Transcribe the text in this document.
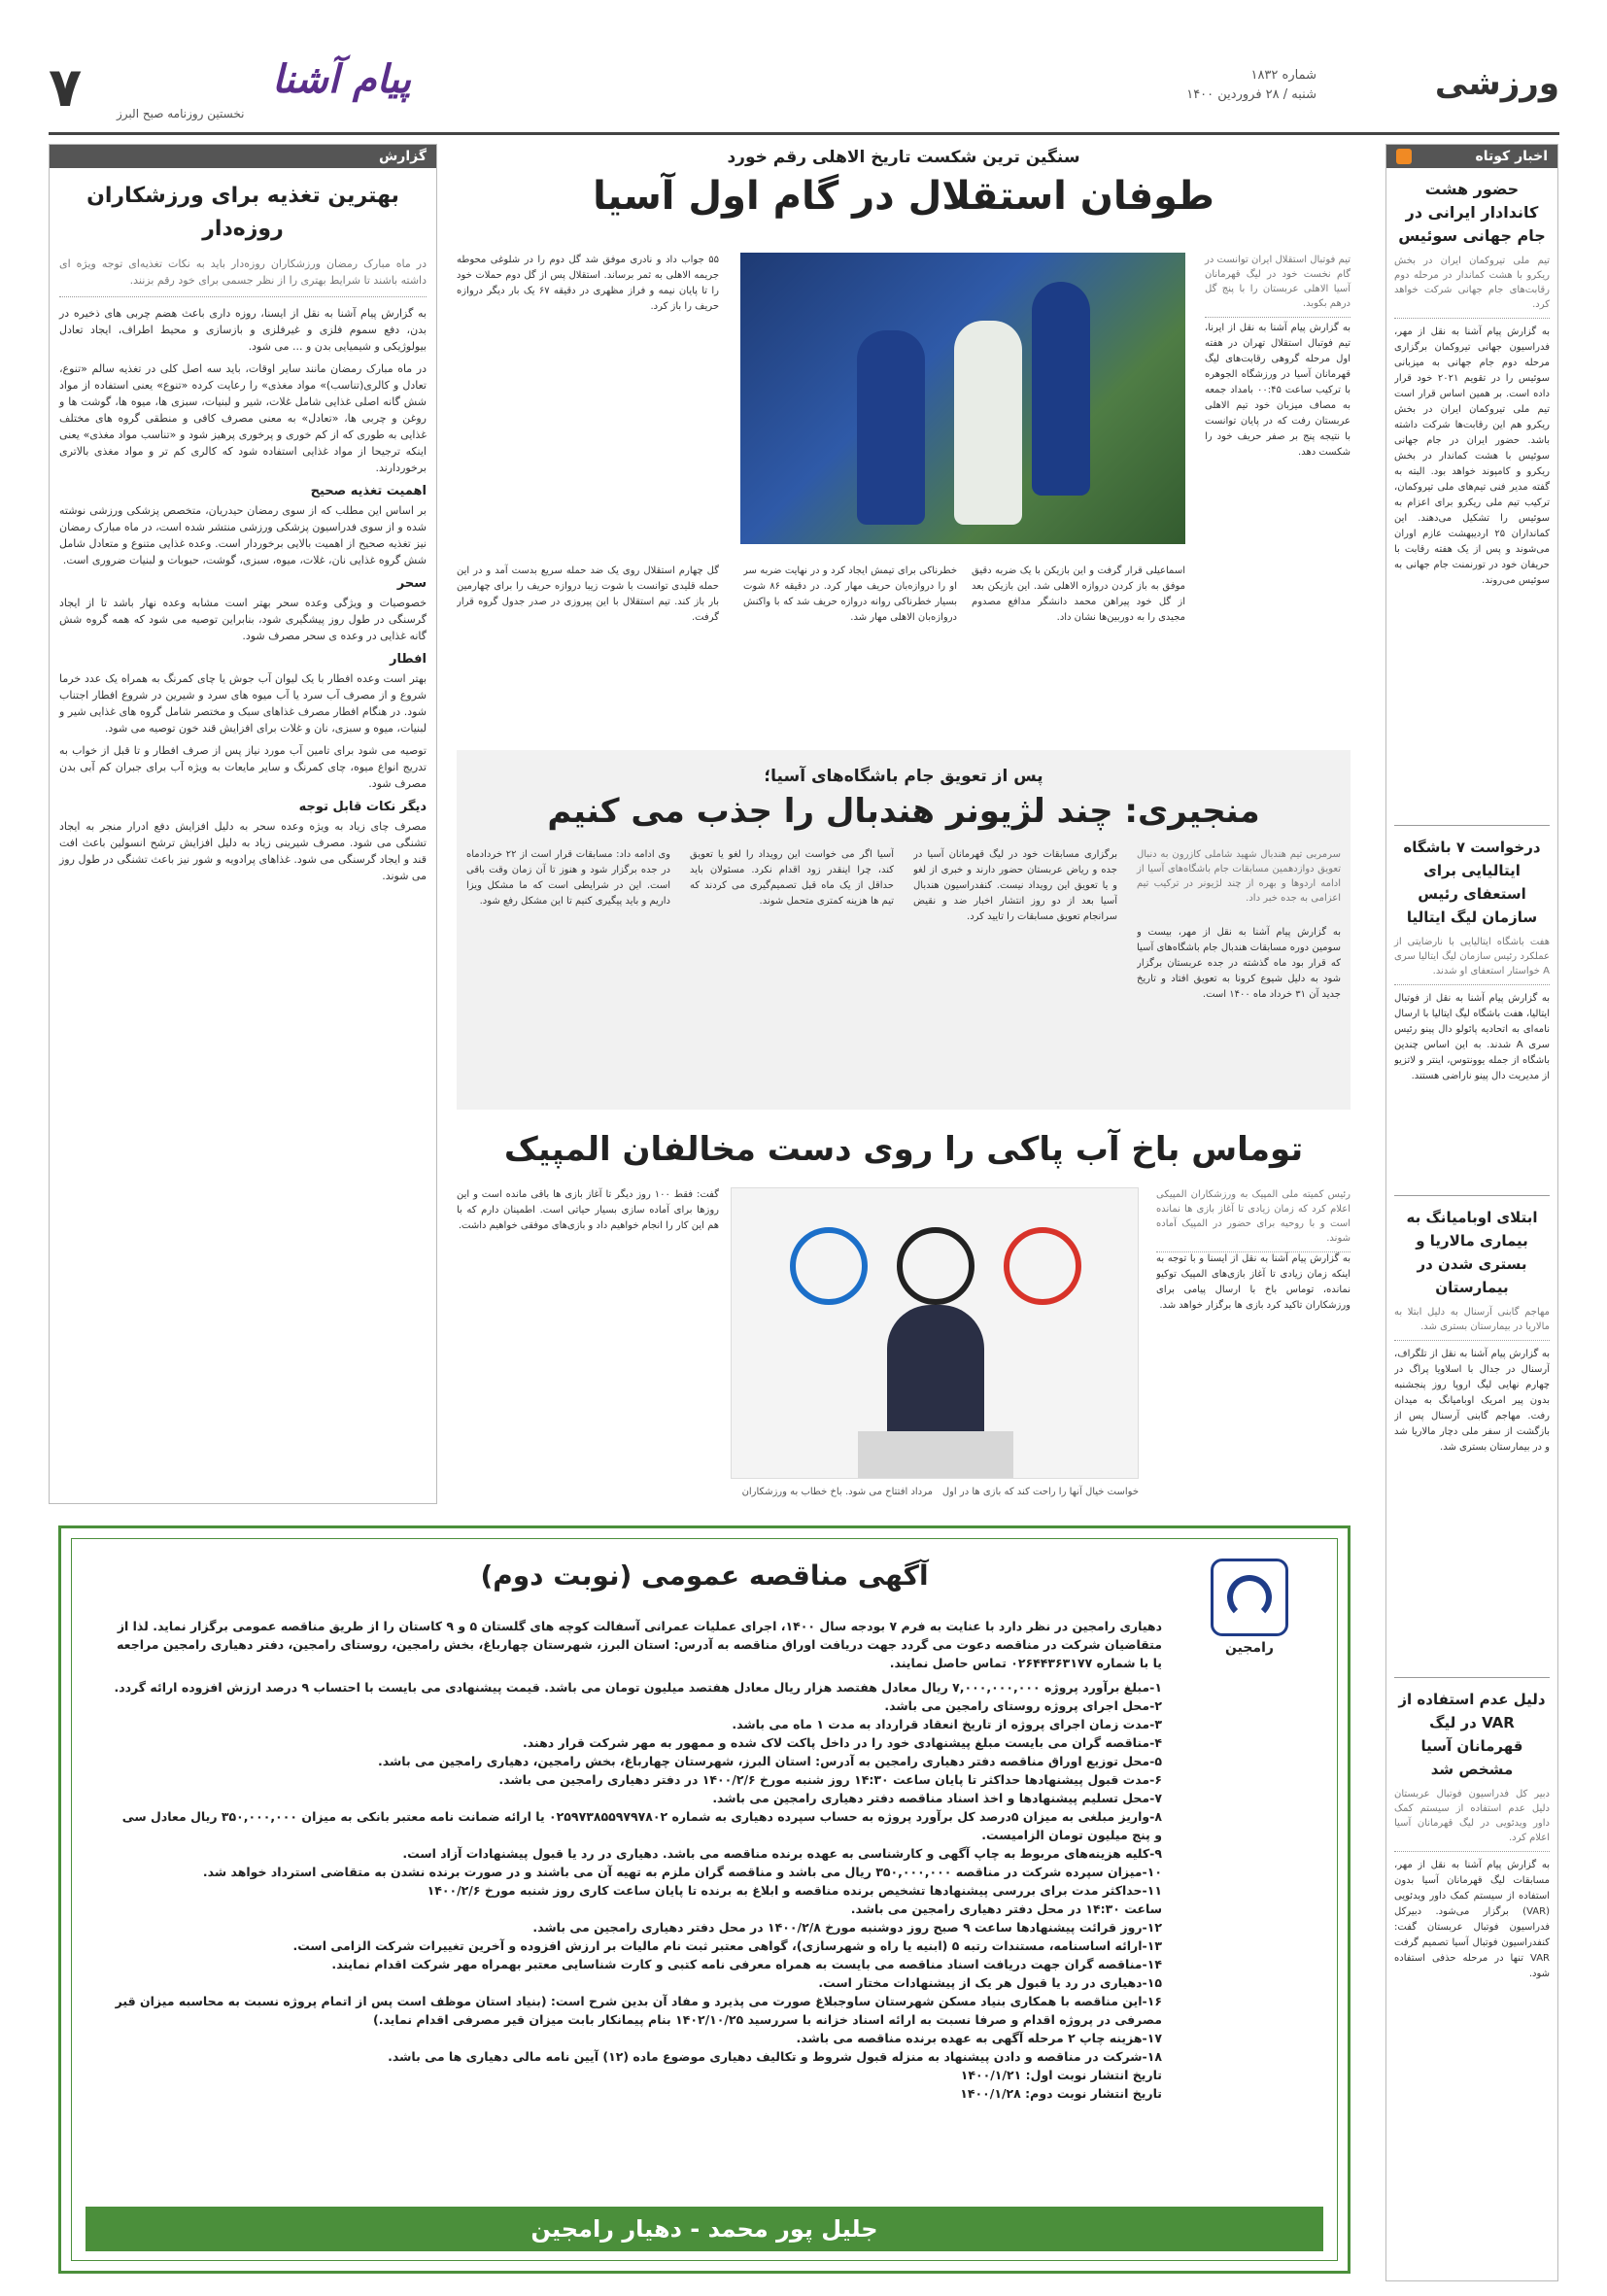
ورزشی
شماره ۱۸۳۲
شنبه / ۲۸ فروردین ۱۴۰۰
پیام آشنا
نخستین روزنامه صبح البرز
۷
اخبار کوتاه
حضور هشت کاندادار ایرانی در جام جهانی سوئیس
تیم ملی تیروکمان ایران در بخش ریکرو با هشت کماندار در مرحله دوم رقابت‌های جام جهانی شرکت خواهد کرد.
به گزارش پیام آشنا به نقل از مهر، فدراسیون جهانی تیروکمان برگزاری مرحله دوم جام جهانی به میزبانی سوئیس را در تقویم ۲۰۲۱ خود قرار داده است. بر همین اساس قرار است تیم ملی تیروکمان ایران در بخش ریکرو هم این رقابت‌ها شرکت داشته باشد. حضور ایران در جام جهانی سوئیس با هشت کماندار در بخش ریکرو و کامپوند خواهد بود. البته به گفته مدیر فنی تیم‌های ملی تیروکمان، ترکیب تیم ملی ریکرو برای اعزام به سوئیس را تشکیل می‌دهند. این کمانداران ۲۵ اردیبهشت عازم اوران می‌شوند و پس از یک هفته رقابت با حریفان خود در تورنمنت جام جهانی به سوئیس می‌روند.
درخواست ۷ باشگاه ایتالیایی برای استعفای رئیس سازمان لیگ ایتالیا
هفت باشگاه ایتالیایی با نارضایتی از عملکرد رئیس سازمان لیگ ایتالیا سری A خواستار استعفای او شدند.
به گزارش پیام آشنا به نقل از فوتبال ایتالیا، هفت باشگاه لیگ ایتالیا با ارسال نامه‌ای به اتحادیه پائولو دال پینو رئیس سری A شدند. به این اساس چندین باشگاه از جمله یوونتوس، اینتر و لاتزیو از مدیریت دال پینو ناراضی هستند.
ابتلای اوبامیانگ به بیماری مالاریا و بستری شدن در بیمارستان
مهاجم گابنی آرسنال به دلیل ابتلا به مالاریا در بیمارستان بستری شد.
به گزارش پیام آشنا به نقل از تلگراف، آرسنال در جدال با اسلاویا پراگ در چهارم نهایی لیگ اروپا روز پنجشنبه بدون پیر امریک اوبامیانگ به میدان رفت. مهاجم گابنی آرسنال پس از بازگشت از سفر ملی دچار مالاریا شد و در بیمارستان بستری شد.
دلیل عدم استفاده از VAR در لیگ قهرمانان آسیا مشخص شد
دبیر کل فدراسیون فوتبال عربستان دلیل عدم استفاده از سیستم کمک داور ویدئویی در لیگ قهرمانان آسیا اعلام کرد.
به گزارش پیام آشنا به نقل از مهر، مسابقات لیگ قهرمانان آسیا بدون استفاده از سیستم کمک داور ویدئویی (VAR) برگزار می‌شود. دبیرکل فدراسیون فوتبال عربستان گفت: کنفدراسیون فوتبال آسیا تصمیم گرفت VAR تنها در مرحله حذفی استفاده شود.
سنگین ترین شکست تاریخ الاهلی رقم خورد
طوفان استقلال در گام اول آسیا
تیم فوتبال استقلال ایران توانست در گام نخست خود در لیگ قهرمانان آسیا الاهلی عربستان را با پنج گل درهم بکوبد.
به گزارش پیام آشنا به نقل از ایرنا، تیم فوتبال استقلال تهران در هفته اول مرحله گروهی رقابت‌های لیگ قهرمانان آسیا در ورزشگاه الجوهره با ترکیب ساعت ۰۰:۴۵ بامداد جمعه به مصاف میزبان خود تیم الاهلی عربستان رفت که در پایان توانست با نتیجه پنج بر صفر حریف خود را شکست دهد.
۵۵ جواب داد و نادری موفق شد گل دوم را در شلوغی محوطه جریمه الاهلی به ثمر برساند. استقلال پس از گل دوم حملات خود را تا پایان نیمه و فراز مظهری در دقیقه ۶۷ یک بار دیگر دروازه حریف را باز کرد.
اسماعیلی قرار گرفت و این بازیکن با یک ضربه دقیق موفق به باز کردن دروازه الاهلی شد. این بازیکن بعد از گل خود پیراهن محمد دانشگر مدافع مصدوم مجیدی را به دوربین‌ها نشان داد.
خطرناکی برای تیمش ایجاد کرد و در نهایت ضربه سر او را دروازه‌بان حریف مهار کرد. در دقیقه ۸۶ شوت بسیار خطرناکی روانه دروازه حریف شد که با واکنش دروازه‌بان الاهلی مهار شد.
گل چهارم استقلال روی یک ضد حمله سریع بدست آمد و در این حمله قلیدی توانست با شوت زیبا دروازه حریف را برای چهارمین بار باز کند. تیم استقلال با این پیروزی در صدر جدول گروه قرار گرفت.
پس از تعویق جام باشگاه‌های آسیا؛
منجیری: چند لژیونر هندبال را جذب می کنیم
سرمربی تیم هندبال شهید شاملی کازرون به دنبال تعویق دوازدهمین مسابقات جام باشگاه‌های آسیا از ادامه اردوها و بهره از چند لژیونر در ترکیب تیم اعزامی به جده خبر داد.
به گزارش پیام آشنا به نقل از مهر، بیست و سومین دوره مسابقات هندبال جام باشگاه‌های آسیا که قرار بود ماه گذشته در جده عربستان برگزار شود به دلیل شیوع کرونا به تعویق افتاد و تاریخ جدید آن ۳۱ خرداد ماه ۱۴۰۰ است.
برگزاری مسابقات خود در لیگ قهرمانان آسیا در جده و ریاض عربستان حضور دارند و خبری از لغو و یا تعویق این رویداد نیست. کنفدراسیون هندبال آسیا بعد از دو روز انتشار اخبار ضد و نقیض سرانجام تعویق مسابقات را تایید کرد.
آسیا اگر می خواست این رویداد را لغو یا تعویق کند، چرا اینقدر زود اقدام نکرد. مسئولان باید حداقل از یک ماه قبل تصمیم‌گیری می کردند که تیم ها هزینه کمتری متحمل شوند.
وی ادامه داد: مسابقات قرار است از ۲۲ خردادماه در جده برگزار شود و هنوز تا آن زمان وقت باقی است. این در شرایطی است که ما مشکل ویزا داریم و باید پیگیری کنیم تا این مشکل رفع شود.
توماس باخ آب پاکی را روی دست مخالفان المپیک
رئیس کمیته ملی المپیک به ورزشکاران المپیکی اعلام کرد که زمان زیادی تا آغاز بازی ها نمانده است و با روحیه برای حضور در المپیک آماده شوند.
به گزارش پیام آشنا به نقل از ایسنا و با توجه به اینکه زمان زیادی تا آغاز بازی‌های المپیک توکیو نمانده، توماس باخ با ارسال پیامی برای ورزشکاران تاکید کرد بازی ها برگزار خواهد شد.
مرداد افتتاح می شود. باخ خطاب به ورزشکاران خواست خیال آنها را راحت کند که بازی ها در اول
گفت: فقط ۱۰۰ روز دیگر تا آغاز بازی ها باقی مانده است و این روزها برای آماده سازی بسیار حیاتی است. اطمینان دارم که با هم این کار را انجام خواهیم داد و بازی‌های موفقی خواهیم داشت.
گزارش
بهترین تغذیه برای ورزشکاران روزه‌دار
در ماه مبارک رمضان ورزشکاران روزه‌دار باید به نکات تغذیه‌ای توجه ویژه ای داشته باشند تا شرایط بهتری را از نظر جسمی برای خود رقم بزنند.
به گزارش پیام آشنا به نقل از ایسنا، روزه داری باعث هضم چربی های ذخیره در بدن، دفع سموم فلزی و غیرفلزی و بازسازی و محیط اطراف، ایجاد تعادل بیولوژیکی و شیمیایی بدن و ... می شود.
در ماه مبارک رمضان مانند سایر اوقات، باید سه اصل کلی در تغذیه سالم «تنوع، تعادل و کالری(تناسب)» مواد مغذی» را رعایت کرده «تنوع» یعنی استفاده از مواد شش گانه اصلی غذایی شامل غلات، شیر و لبنیات، سبزی ها، میوه ها، گوشت ها و روغن و چربی ها، «تعادل» به معنی مصرف کافی و منطقی گروه های مختلف غذایی به طوری که از کم خوری و پرخوری پرهیز شود و «تناسب مواد مغذی» یعنی اینکه ترجیحا از مواد غذایی استفاده شود که کالری کم تر و مواد مغذی بالاتری برخوردارند.
اهمیت تغذیه صحیح
بر اساس این مطلب که از سوی رمضان حیدریان، متخصص پزشکی ورزشی نوشته شده و از سوی فدراسیون پزشکی ورزشی منتشر شده است، در ماه مبارک رمضان نیز تغذیه صحیح از اهمیت بالایی برخوردار است. وعده غذایی متنوع و متعادل شامل شش گروه غذایی نان، غلات، میوه، سبزی، گوشت، حبوبات و لبنیات ضروری است.
سحر
خصوصیات و ویژگی وعده سحر بهتر است مشابه وعده نهار باشد تا از ایجاد گرسنگی در طول روز پیشگیری شود، بنابراین توصیه می شود که همه گروه شش گانه غذایی در وعده ی سحر مصرف شود.
افطار
بهتر است وعده افطار با یک لیوان آب جوش یا چای کمرنگ به همراه یک عدد خرما شروع و از مصرف آب سرد یا آب میوه های سرد و شیرین در شروع افطار اجتناب شود. در هنگام افطار مصرف غذاهای سبک و مختصر شامل گروه های غذایی شیر و لبنیات، میوه و سبزی، نان و غلات برای افزایش قند خون توصیه می شود.
توصیه می شود برای تامین آب مورد نیاز پس از صرف افطار و تا قبل از خواب به تدریج انواع میوه، چای کمرنگ و سایر مایعات به ویژه آب برای جبران کم آبی بدن مصرف شود.
دیگر نکات قابل توجه
مصرف چای زیاد به ویژه وعده سحر به دلیل افزایش دفع ادرار منجر به ایجاد تشنگی می شود. مصرف شیرینی زیاد به دلیل افزایش ترشح انسولین باعث افت قند و ایجاد گرسنگی می شود. غذاهای پرادویه و شور نیز باعث تشنگی در طول روز می شوند.
رامجین
آگهی مناقصه عمومی (نوبت دوم)
دهیاری رامجین در نظر دارد با عنایت به فرم ۷ بودجه سال ۱۴۰۰، اجرای عملیات عمرانی آسفالت کوچه های گلستان ۵ و ۹ کاستان را از طریق مناقصه عمومی برگزار نماید. لذا از متقاضیان شرکت در مناقصه دعوت می گردد جهت دریافت اوراق مناقصه به آدرس: استان البرز، شهرستان چهارباغ، بخش رامجین، روستای رامجین، دفتر دهیاری رامجین مراجعه یا با شماره ۰۲۶۴۴۳۶۳۱۷۷ تماس حاصل نمایند.
۱-مبلغ برآورد پروژه ۷,۰۰۰,۰۰۰,۰۰۰ ریال معادل هفتصد هزار ریال معادل هفتصد میلیون تومان می باشد. قیمت پیشنهادی می بایست با احتساب ۹ درصد ارزش افزوده ارائه گردد.
۲-محل اجرای پروژه روستای رامجین می باشد.
۳-مدت زمان اجرای پروژه از تاریخ انعقاد قرارداد به مدت ۱ ماه می باشد.
۴-مناقصه گران می بایست مبلغ پیشنهادی خود را در داخل پاکت لاک شده و ممهور به مهر شرکت قرار دهند.
۵-محل توزیع اوراق مناقصه دفتر دهیاری رامجین به آدرس: استان البرز، شهرستان چهارباغ، بخش رامجین، دهیاری رامجین می باشد.
۶-مدت قبول پیشنهادها حداکثر تا پایان ساعت ۱۴:۳۰ روز شنبه مورخ ۱۴۰۰/۲/۶ در دفتر دهیاری رامجین می باشد.
۷-محل تسلیم پیشنهادها و اخذ اسناد مناقصه دفتر دهیاری رامجین می باشد.
۸-واریز مبلغی به میزان ۵درصد کل برآورد پروژه به حساب سپرده دهیاری به شماره ۰۲۵۹۷۳۸۵۵۹۷۹۷۸۰۲ یا ارائه ضمانت نامه معتبر بانکی به میزان ۳۵۰,۰۰۰,۰۰۰ ریال معادل سی و پنج میلیون تومان الزامیست.
۹-کلیه هزینه‌های مربوط به چاپ آگهی و کارشناسی به عهده برنده مناقصه می باشد. دهیاری در رد یا قبول پیشنهادات آزاد است.
۱۰-میزان سپرده شرکت در مناقصه ۳۵۰,۰۰۰,۰۰۰ ریال می باشد و مناقصه گران ملزم به تهیه آن می باشند و در صورت برنده نشدن به متقاضی استرداد خواهد شد.
۱۱-حداکثر مدت برای بررسی پیشنهادها تشخیص برنده مناقصه و ابلاغ به برنده تا پایان ساعت کاری روز شنبه مورخ ۱۴۰۰/۲/۶
ساعت ۱۴:۳۰ در محل دفتر دهیاری رامجین می باشد.
۱۲-روز قرائت پیشنهادها ساعت ۹ صبح روز دوشنبه مورخ ۱۴۰۰/۲/۸ در محل دفتر دهیاری رامجین می باشد.
۱۳-ارائه اساسنامه، مستندات رتبه ۵ (ابنیه یا راه و شهرسازی)، گواهی معتبر ثبت نام مالیات بر ارزش افزوده و آخرین تغییرات شرکت الزامی است.
۱۴-مناقصه گران جهت دریافت اسناد مناقصه می بایست به همراه معرفی نامه کتبی و کارت شناسایی معتبر بهمراه مهر شرکت اقدام نمایند.
۱۵-دهیاری در رد یا قبول هر یک از پیشنهادات مختار است.
۱۶-این مناقصه با همکاری بنیاد مسکن شهرستان ساوجبلاغ صورت می پذیرد و مفاد آن بدین شرح است: (بنیاد استان موظف است پس از اتمام پروژه نسبت به محاسبه میزان قیر مصرفی در پروژه اقدام و صرفا نسبت به ارائه اسناد خزانه با سررسید ۱۴۰۲/۱۰/۲۵ بنام پیمانکار بابت میزان قیر مصرفی اقدام نماید.)
۱۷-هزینه چاپ ۲ مرحله آگهی به عهده برنده مناقصه می باشد.
۱۸-شرکت در مناقصه و دادن پیشنهاد به منزله قبول شروط و تکالیف دهیاری موضوع ماده (۱۲) آیین نامه مالی دهیاری ها می باشد.
تاریخ انتشار نوبت اول: ۱۴۰۰/۱/۲۱
تاریخ انتشار نوبت دوم: ۱۴۰۰/۱/۲۸
جلیل پور محمد - دهیار رامجین
